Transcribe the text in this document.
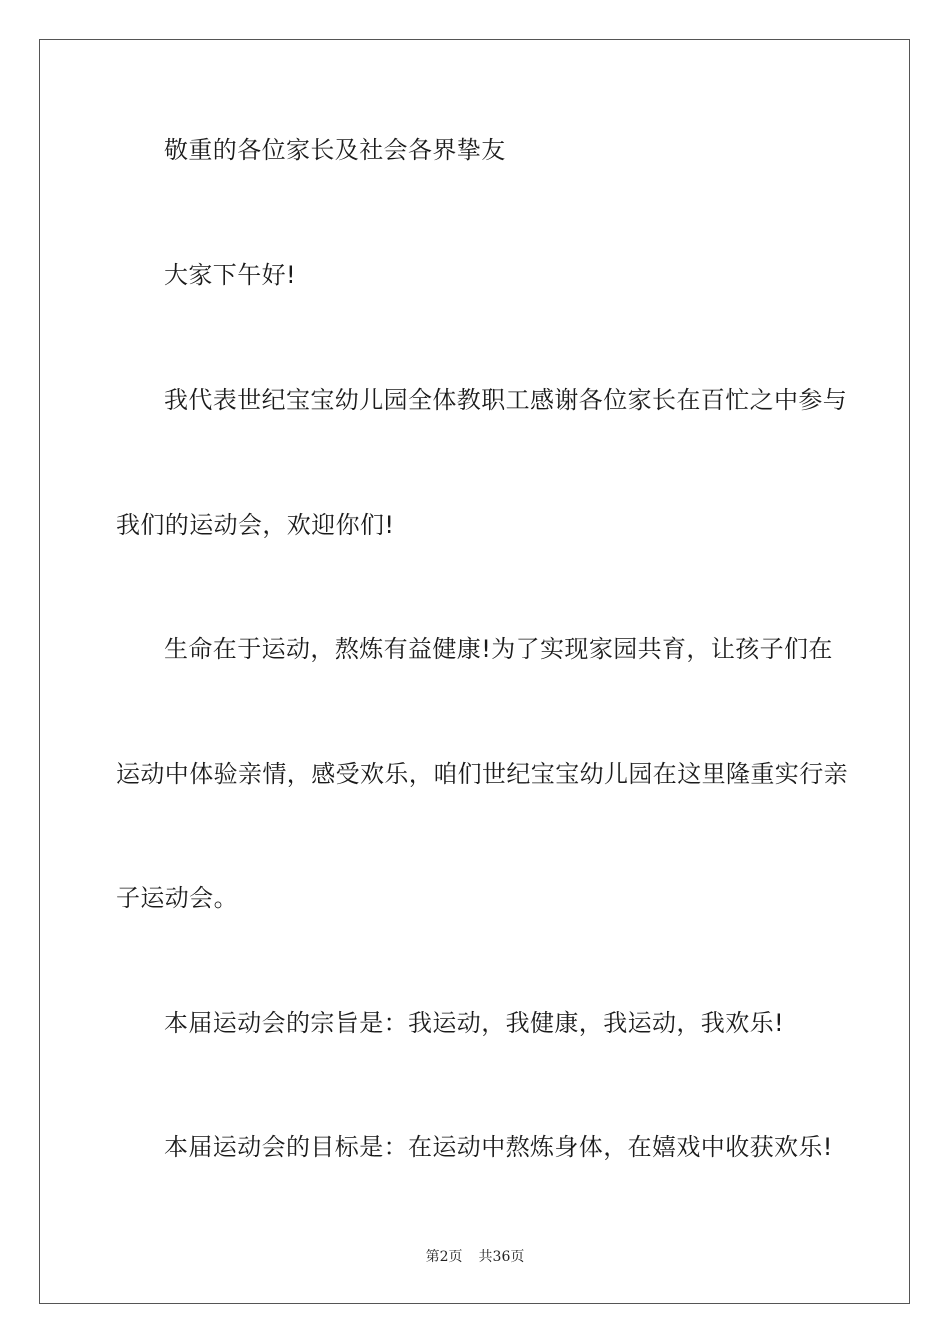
敬重的各位家长及社会各界挚友
大家下午好!
我代表世纪宝宝幼儿园全体教职工感谢各位家长在百忙之中参与
我们的运动会，欢迎你们!
生命在于运动，熬炼有益健康!为了实现家园共育，让孩子们在
运动中体验亲情，感受欢乐，咱们世纪宝宝幼儿园在这里隆重实行亲
子运动会。
本届运动会的宗旨是：我运动，我健康，我运动，我欢乐!
本届运动会的目标是：在运动中熬炼身体，在嬉戏中收获欢乐!
第2页 共36页
